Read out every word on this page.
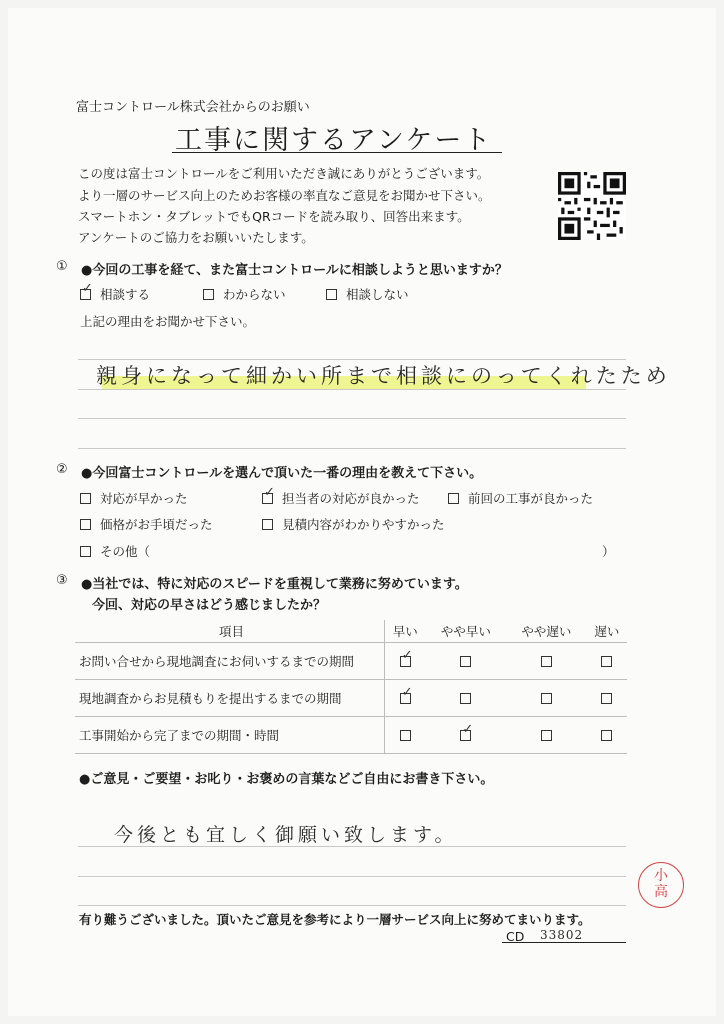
富士コントロール株式会社からのお願い
工事に関するアンケート
この度は富士コントロールをご利用いただき誠にありがとうございます。
より一層のサービス向上のためお客様の率直なご意見をお聞かせ下さい。
スマートホン・タブレットでもQRコードを読み取り、回答出来ます。
アンケートのご協力をお願いいたします。
① ●今回の工事を経て、また富士コントロールに相談しようと思いますか？
✓相談する	わからない	相談しない
上記の理由をお聞かせ下さい。
親身になって細かい所まで相談にのってくれたため
② ●今回富士コントロールを選んで頂いた一番の理由を教えて下さい。
対応が早かった ✓	担当者の対応が良かった	前回の工事が良かった
価格がお手頃だった	見積内容がわかりやすかった
その他（	）
③ ●当社では、特に対応のスピードを重視して業務に努めています。
今回、対応の早さはどう感じましたか？
項目	早い	やや早い	やや遅い	遅い
お問い合せから現地調査にお伺いするまでの期間	✓			
現地調査からお見積もりを提出するまでの期間	✓			
工事開始から完了までの期間・時間		✓		
●ご意見・ご要望・お叱り・お褒めの言葉などご自由にお書き下さい。
今後とも宜しく御願い致します。
小
高
有り難うございました。頂いたご意見を参考により一層サービス向上に努めてまいります。
CD 33802
